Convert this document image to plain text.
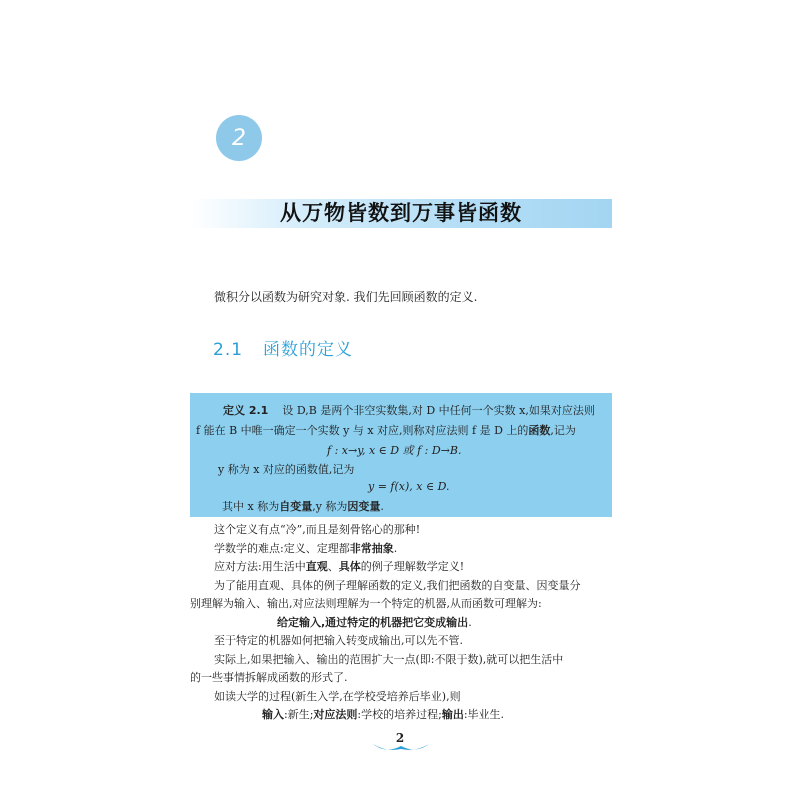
2
从万物皆数到万事皆函数
微积分以函数为研究对象. 我们先回顾函数的定义.
2.1 函数的定义
定义 2.1 设 D,B 是两个非空实数集,对 D 中任何一个实数 x,如果对应法则
f 能在 B 中唯一确定一个实数 y 与 x 对应,则称对应法则 f 是 D 上的函数,记为
f : x→y, x ∈ D 或 f : D→B.
y 称为 x 对应的函数值,记为
y = f(x), x ∈ D.
其中 x 称为自变量,y 称为因变量.
这个定义有点“冷”,而且是刻骨铭心的那种!
学数学的难点:定义、定理都非常抽象.
应对方法:用生活中直观、具体的例子理解数学定义!
为了能用直观、具体的例子理解函数的定义,我们把函数的自变量、因变量分
别理解为输入、输出,对应法则理解为一个特定的机器,从而函数可理解为:
给定输入,通过特定的机器把它变成输出.
至于特定的机器如何把输入转变成输出,可以先不管.
实际上,如果把输入、输出的范围扩大一点(即:不限于数),就可以把生活中
的一些事情拆解成函数的形式了.
如读大学的过程(新生入学,在学校受培养后毕业),则
输入:新生;对应法则:学校的培养过程;输出:毕业生.
2
